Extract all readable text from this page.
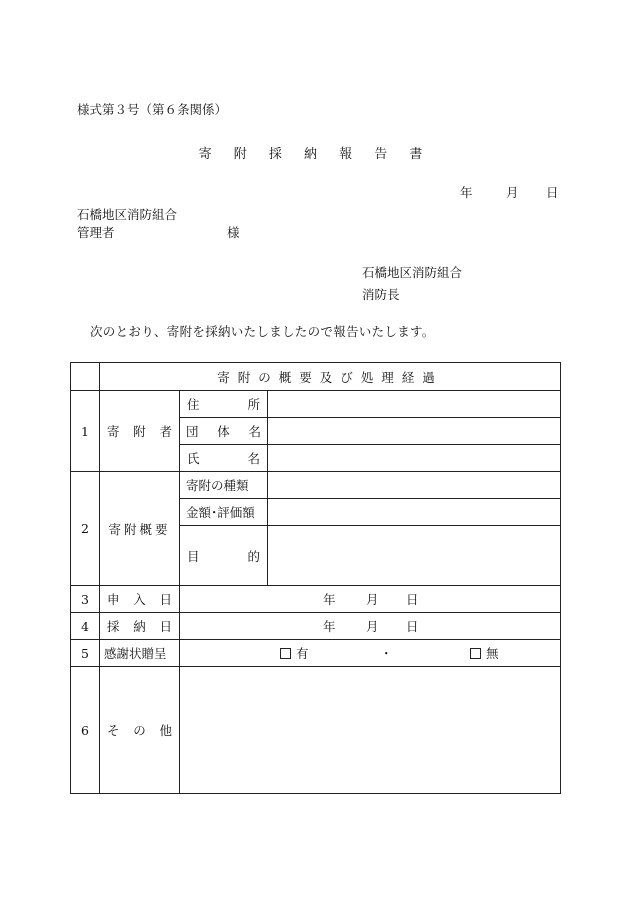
様式第３号（第６条関係）
寄 附 採 納 報 告 書
年	月 日
石橋地区消防組合
管理者	様
石橋地区消防組合
消防長
次のとおり、寄附を採納いたしましたので報告いたします。
	寄附の概要及び処理経過		
1	寄 附 者	住 所	

		団 体 名	

		氏 名	

2	寄附概要	寄附の種類	
		金額･評価額	

		目 的	

3	申 入 日	年 月 日	

4	採 納 日	年 月 日	

5	感謝状贈呈	有 ・ 無	

6	そ の 他		
